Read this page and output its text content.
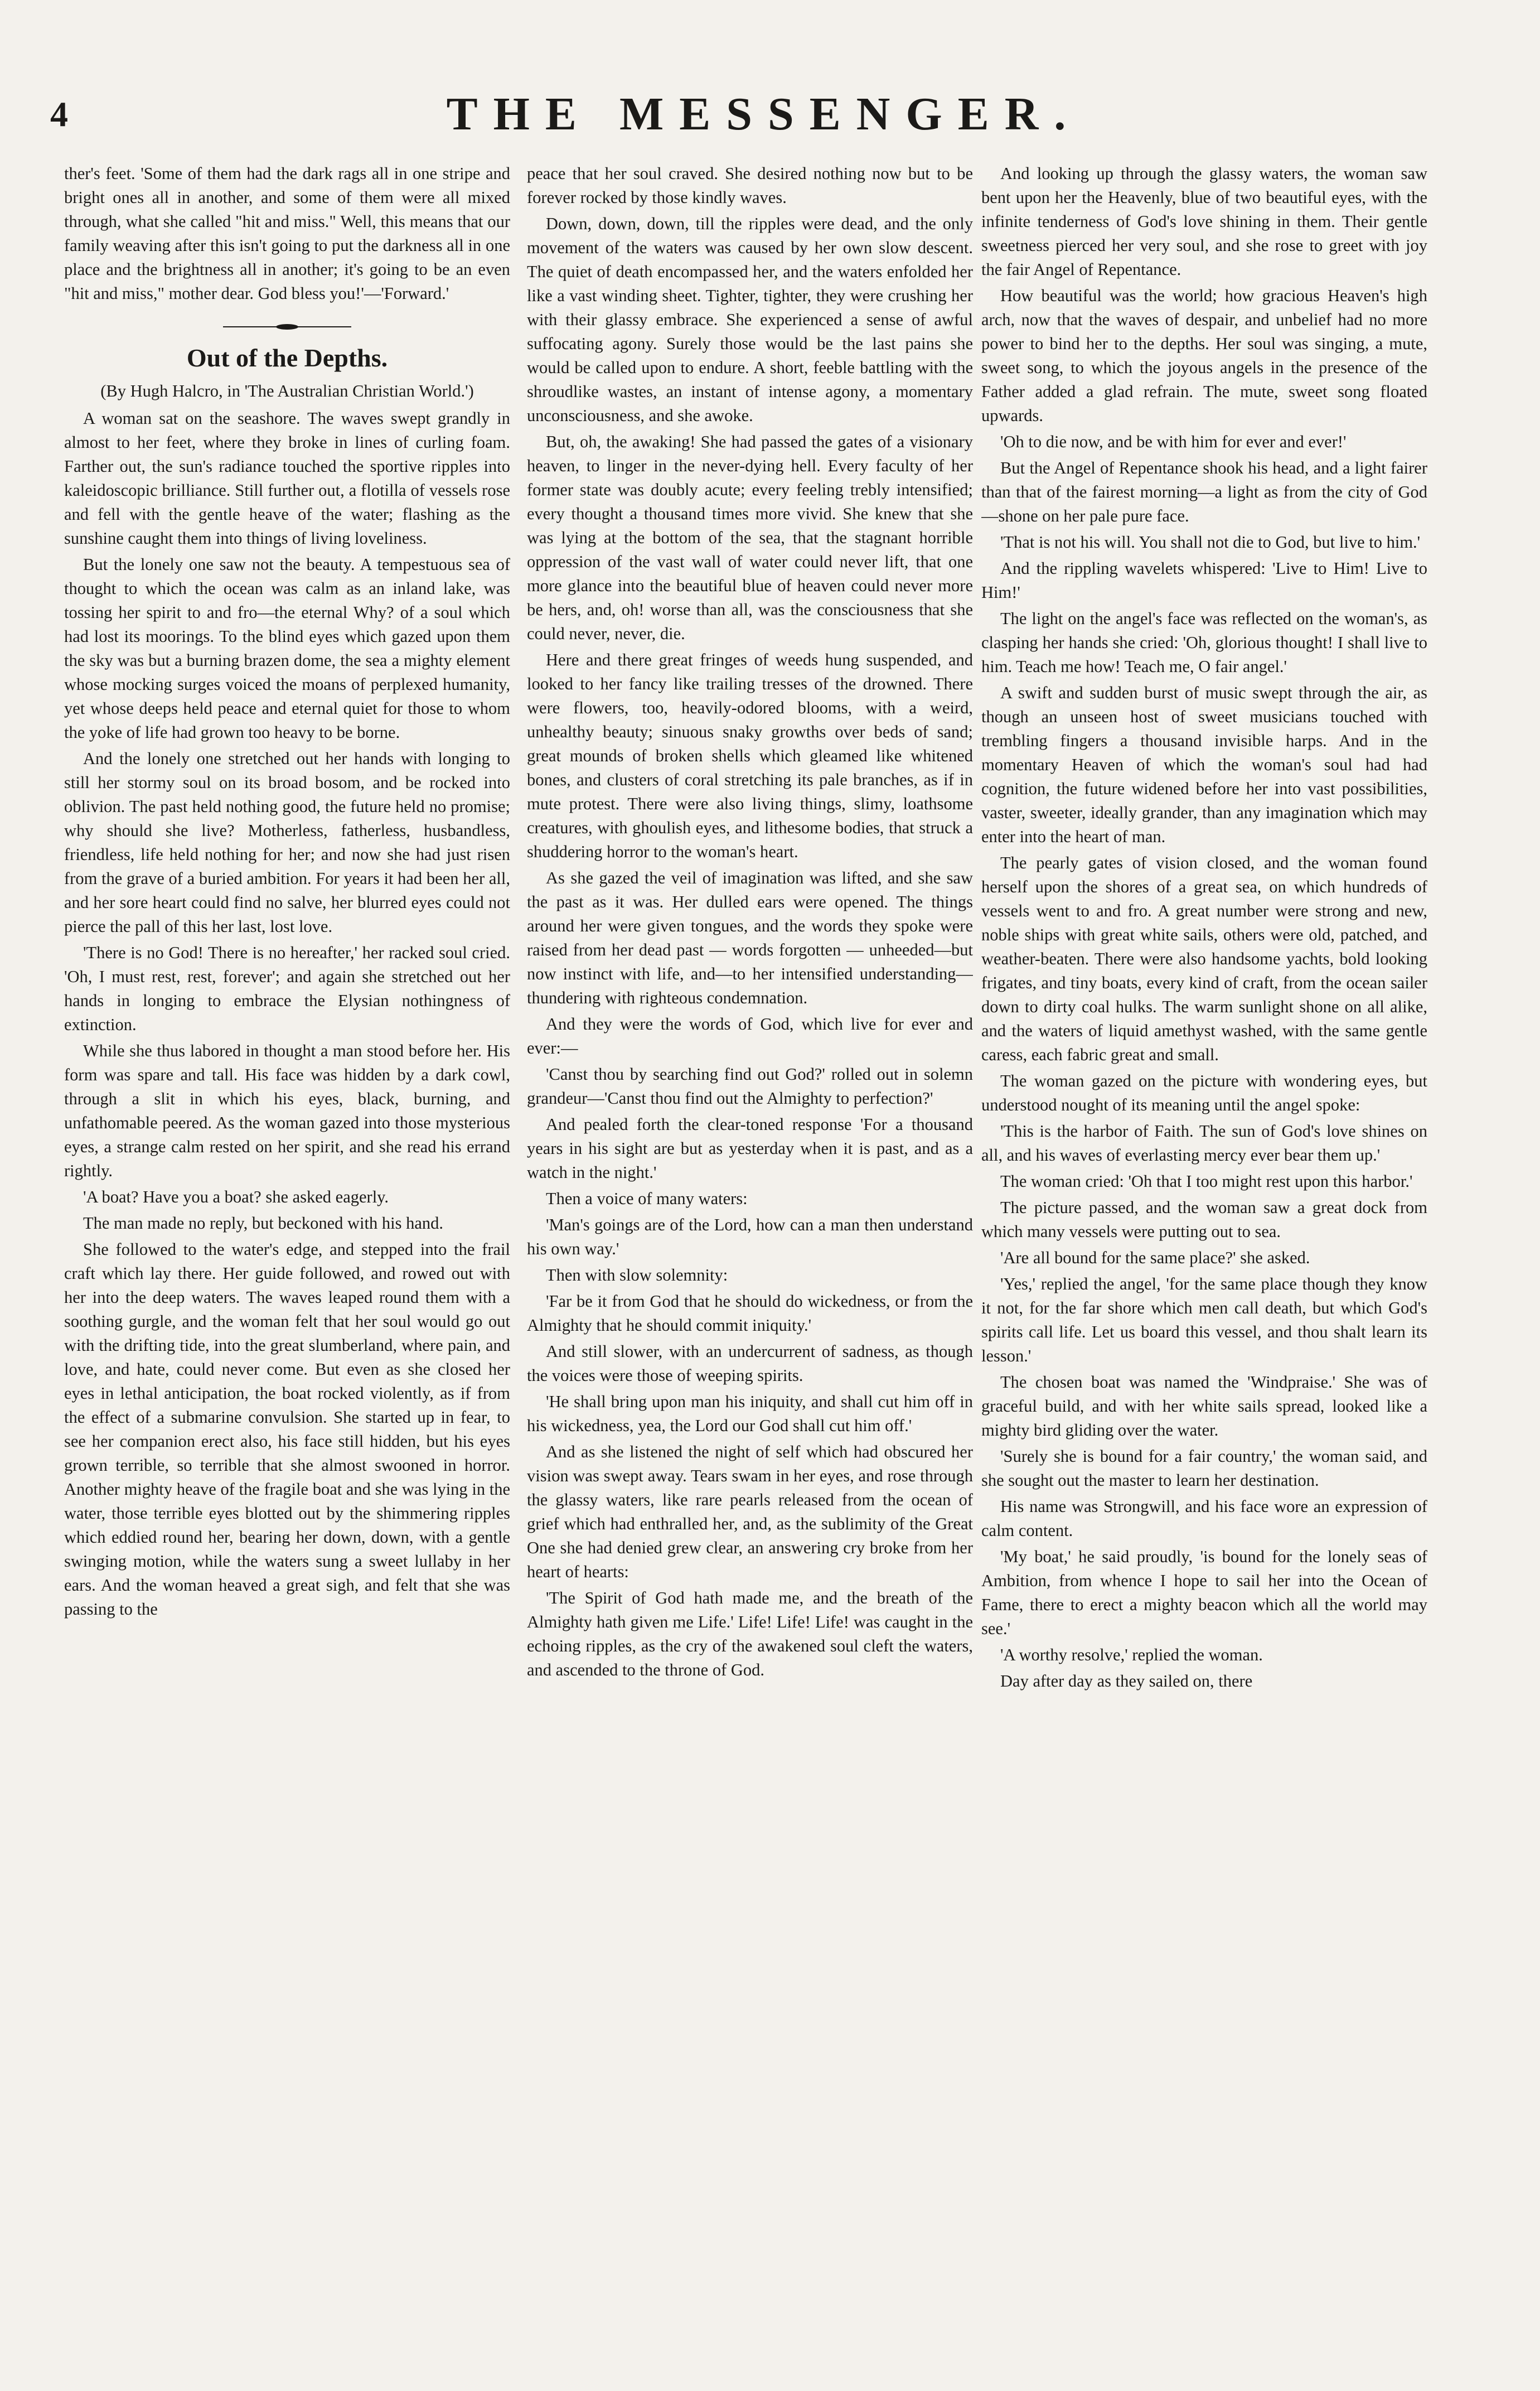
4	THE MESSENGER.

ther's feet. 'Some of them had the dark rags all in one stripe and bright ones all in another, and some of them were all mixed through, what she called "hit and miss." Well, this means that our family weaving after this isn't going to put the darkness all in one place and the brightness all in another; it's going to be an even "hit and miss," mother dear. God bless you!'—'Forward.'

Out of the Depths.
(By Hugh Halcro, in 'The Australian Christian World.')

A woman sat on the seashore. The waves swept grandly in almost to her feet, where they broke in lines of curling foam. Farther out, the sun's radiance touched the sportive ripples into kaleidoscopic brilliance. Still further out, a flotilla of vessels rose and fell with the gentle heave of the water; flashing as the sunshine caught them into things of living loveliness.

But the lonely one saw not the beauty. A tempestuous sea of thought to which the ocean was calm as an inland lake, was tossing her spirit to and fro—the eternal Why? of a soul which had lost its moorings. To the blind eyes which gazed upon them the sky was but a burning brazen dome, the sea a mighty element whose mocking surges voiced the moans of perplexed humanity, yet whose deeps held peace and eternal quiet for those to whom the yoke of life had grown too heavy to be borne.

And the lonely one stretched out her hands with longing to still her stormy soul on its broad bosom, and be rocked into oblivion. The past held nothing good, the future held no promise; why should she live? Motherless, fatherless, husbandless, friendless, life held nothing for her; and now she had just risen from the grave of a buried ambition. For years it had been her all, and her sore heart could find no salve, her blurred eyes could not pierce the pall of this her last, lost love.

'There is no God! There is no hereafter,' her racked soul cried. 'Oh, I must rest, rest, forever'; and again she stretched out her hands in longing to embrace the Elysian nothingness of extinction.

While she thus labored in thought a man stood before her. His form was spare and tall. His face was hidden by a dark cowl, through a slit in which his eyes, black, burning, and unfathomable peered. As the woman gazed into those mysterious eyes, a strange calm rested on her spirit, and she read his errand rightly.

'A boat? Have you a boat? she asked eagerly.

The man made no reply, but beckoned with his hand.

She followed to the water's edge, and stepped into the frail craft which lay there. Her guide followed, and rowed out with her into the deep waters. The waves leaped round them with a soothing gurgle, and the woman felt that her soul would go out with the drifting tide, into the great slumberland, where pain, and love, and hate, could never come. But even as she closed her eyes in lethal anticipation, the boat rocked violently, as if from the effect of a submarine convulsion. She started up in fear, to see her companion erect also, his face still hidden, but his eyes grown terrible, so terrible that she almost swooned in horror. Another mighty heave of the fragile boat and she was lying in the water, those terrible eyes blotted out by the shimmering ripples which eddied round her, bearing her down, down, with a gentle swinging motion, while the waters sung a sweet lullaby in her ears. And the woman heaved a great sigh, and felt that she was passing to the

peace that her soul craved. She desired nothing now but to be forever rocked by those kindly waves.

Down, down, down, till the ripples were dead, and the only movement of the waters was caused by her own slow descent. The quiet of death encompassed her, and the waters enfolded her like a vast winding sheet. Tighter, tighter, they were crushing her with their glassy embrace. She experienced a sense of awful suffocating agony. Surely those would be the last pains she would be called upon to endure. A short, feeble battling with the shroudlike wastes, an instant of intense agony, a momentary unconsciousness, and she awoke.

But, oh, the awaking! She had passed the gates of a visionary heaven, to linger in the never-dying hell. Every faculty of her former state was doubly acute; every feeling trebly intensified; every thought a thousand times more vivid. She knew that she was lying at the bottom of the sea, that the stagnant horrible oppression of the vast wall of water could never lift, that one more glance into the beautiful blue of heaven could never more be hers, and, oh! worse than all, was the consciousness that she could never, never, die.

Here and there great fringes of weeds hung suspended, and looked to her fancy like trailing tresses of the drowned. There were flowers, too, heavily-odored blooms, with a weird, unhealthy beauty; sinuous snaky growths over beds of sand; great mounds of broken shells which gleamed like whitened bones, and clusters of coral stretching its pale branches, as if in mute protest. There were also living things, slimy, loathsome creatures, with ghoulish eyes, and lithesome bodies, that struck a shuddering horror to the woman's heart.

As she gazed the veil of imagination was lifted, and she saw the past as it was. Her dulled ears were opened. The things around her were given tongues, and the words they spoke were raised from her dead past — words forgotten — unheeded—but now instinct with life, and—to her intensified understanding—thundering with righteous condemnation.

And they were the words of God, which live for ever and ever:—

'Canst thou by searching find out God?' rolled out in solemn grandeur—'Canst thou find out the Almighty to perfection?'

And pealed forth the clear-toned response 'For a thousand years in his sight are but as yesterday when it is past, and as a watch in the night.'

Then a voice of many waters:

'Man's goings are of the Lord, how can a man then understand his own way.'

Then with slow solemnity:

'Far be it from God that he should do wickedness, or from the Almighty that he should commit iniquity.'

And still slower, with an undercurrent of sadness, as though the voices were those of weeping spirits.

'He shall bring upon man his iniquity, and shall cut him off in his wickedness, yea, the Lord our God shall cut him off.'

And as she listened the night of self which had obscured her vision was swept away. Tears swam in her eyes, and rose through the glassy waters, like rare pearls released from the ocean of grief which had enthralled her, and, as the sublimity of the Great One she had denied grew clear, an answering cry broke from her heart of hearts:

'The Spirit of God hath made me, and the breath of the Almighty hath given me Life.' Life! Life! Life! was caught in the echoing ripples, as the cry of the awakened soul cleft the waters, and ascended to the throne of God.

And looking up through the glassy waters, the woman saw bent upon her the Heavenly, blue of two beautiful eyes, with the infinite tenderness of God's love shining in them. Their gentle sweetness pierced her very soul, and she rose to greet with joy the fair Angel of Repentance.

How beautiful was the world; how gracious Heaven's high arch, now that the waves of despair, and unbelief had no more power to bind her to the depths. Her soul was singing, a mute, sweet song, to which the joyous angels in the presence of the Father added a glad refrain. The mute, sweet song floated upwards.

'Oh to die now, and be with him for ever and ever!'

But the Angel of Repentance shook his head, and a light fairer than that of the fairest morning—a light as from the city of God—shone on her pale pure face.

'That is not his will. You shall not die to God, but live to him.'

And the rippling wavelets whispered: 'Live to Him! Live to Him!'

The light on the angel's face was reflected on the woman's, as clasping her hands she cried: 'Oh, glorious thought! I shall live to him. Teach me how! Teach me, O fair angel.'

A swift and sudden burst of music swept through the air, as though an unseen host of sweet musicians touched with trembling fingers a thousand invisible harps. And in the momentary Heaven of which the woman's soul had had cognition, the future widened before her into vast possibilities, vaster, sweeter, ideally grander, than any imagination which may enter into the heart of man.

The pearly gates of vision closed, and the woman found herself upon the shores of a great sea, on which hundreds of vessels went to and fro. A great number were strong and new, noble ships with great white sails, others were old, patched, and weather-beaten. There were also handsome yachts, bold looking frigates, and tiny boats, every kind of craft, from the ocean sailer down to dirty coal hulks. The warm sunlight shone on all alike, and the waters of liquid amethyst washed, with the same gentle caress, each fabric great and small.

The woman gazed on the picture with wondering eyes, but understood nought of its meaning until the angel spoke:

'This is the harbor of Faith. The sun of God's love shines on all, and his waves of everlasting mercy ever bear them up.'

The woman cried: 'Oh that I too might rest upon this harbor.'

The picture passed, and the woman saw a great dock from which many vessels were putting out to sea.

'Are all bound for the same place?' she asked.

'Yes,' replied the angel, 'for the same place though they know it not, for the far shore which men call death, but which God's spirits call life. Let us board this vessel, and thou shalt learn its lesson.'

The chosen boat was named the 'Windpraise.' She was of graceful build, and with her white sails spread, looked like a mighty bird gliding over the water.

'Surely she is bound for a fair country,' the woman said, and she sought out the master to learn her destination.

His name was Strongwill, and his face wore an expression of calm content.

'My boat,' he said proudly, 'is bound for the lonely seas of Ambition, from whence I hope to sail her into the Ocean of Fame, there to erect a mighty beacon which all the world may see.'

'A worthy resolve,' replied the woman.

Day after day as they sailed on, there
